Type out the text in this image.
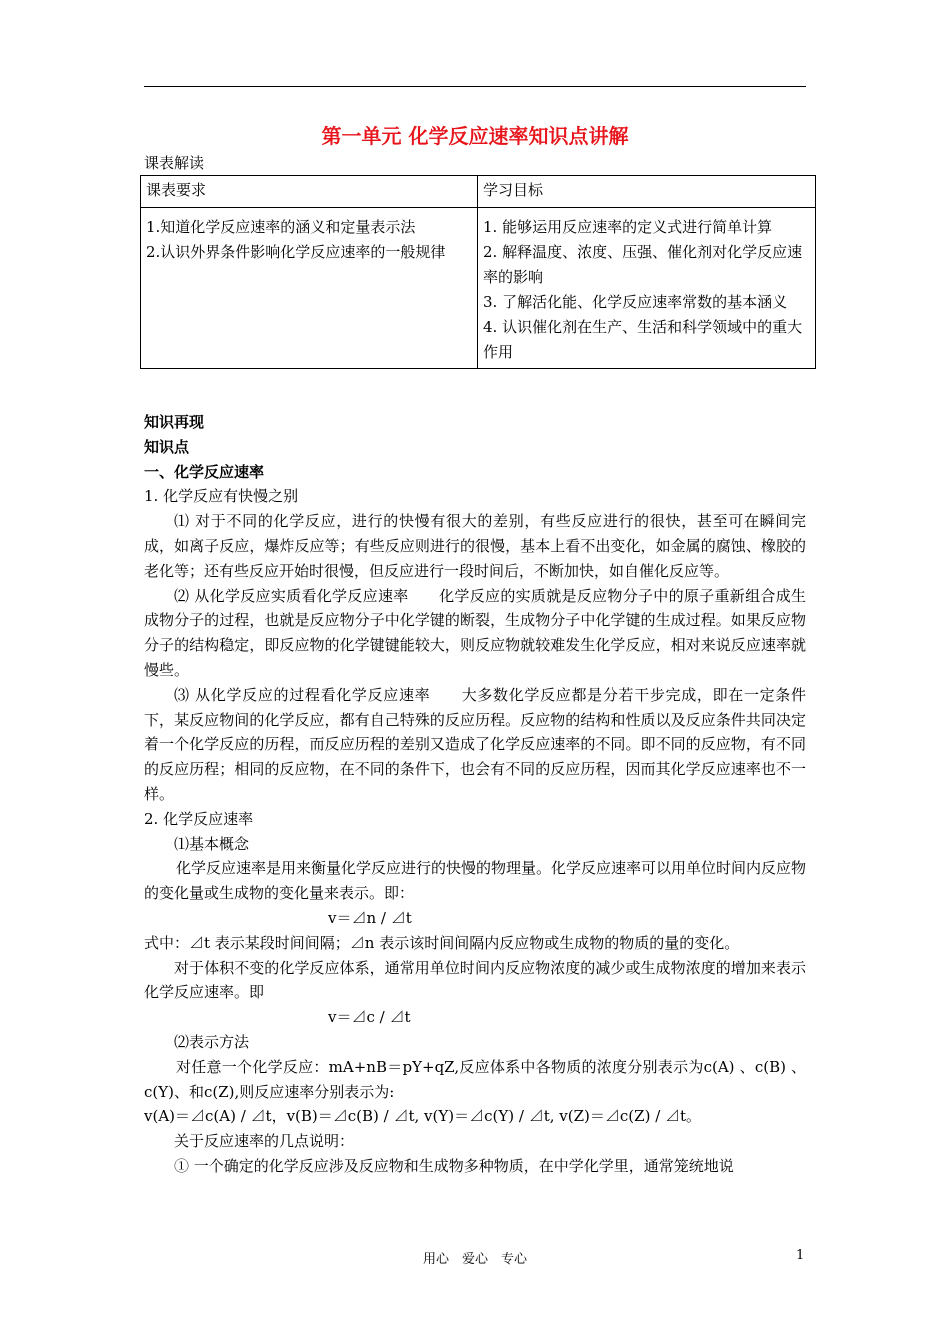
第一单元 化学反应速率知识点讲解
课表解读
课表要求	学习目标

1.知道化学反应速率的涵义和定量表示法
2.认识外界条件影响化学反应速率的一般规律	1. 能够运用反应速率的定义式进行简单计算
2. 解释温度、浓度、压强、催化剂对化学反应速率的影响
3. 了解活化能、化学反应速率常数的基本涵义
4. 认识催化剂在生产、生活和科学领域中的重大作用

知识再现

知识点

一、化学反应速率

1. 化学反应有快慢之别

⑴ 对于不同的化学反应，进行的快慢有很大的差别，有些反应进行的很快，甚至可在瞬间完成，如离子反应，爆炸反应等；有些反应则进行的很慢，基本上看不出变化，如金属的腐蚀、橡胶的老化等；还有些反应开始时很慢，但反应进行一段时间后，不断加快，如自催化反应等。

⑵ 从化学反应实质看化学反应速率　　化学反应的实质就是反应物分子中的原子重新组合成生成物分子的过程，也就是反应物分子中化学键的断裂，生成物分子中化学键的生成过程。如果反应物分子的结构稳定，即反应物的化学键键能较大，则反应物就较难发生化学反应，相对来说反应速率就慢些。

⑶ 从化学反应的过程看化学反应速率　　大多数化学反应都是分若干步完成，即在一定条件下，某反应物间的化学反应，都有自己特殊的反应历程。反应物的结构和性质以及反应条件共同决定着一个化学反应的历程，而反应历程的差别又造成了化学反应速率的不同。即不同的反应物，有不同的反应历程；相同的反应物，在不同的条件下，也会有不同的反应历程，因而其化学反应速率也不一样。

2. 化学反应速率

⑴基本概念

化学反应速率是用来衡量化学反应进行的快慢的物理量。化学反应速率可以用单位时间内反应物的变化量或生成物的变化量来表示。即：

v＝⊿n / ⊿t

式中：⊿t 表示某段时间间隔；⊿n 表示该时间间隔内反应物或生成物的物质的量的变化。

对于体积不变的化学反应体系，通常用单位时间内反应物浓度的减少或生成物浓度的增加来表示化学反应速率。即

v＝⊿c / ⊿t

⑵表示方法

对任意一个化学反应：mA+nB＝pY+qZ,反应体系中各物质的浓度分别表示为c(A) 、c(B) 、c(Y)、和c(Z),则反应速率分别表示为:

v(A)＝⊿c(A) / ⊿t，v(B)＝⊿c(B) / ⊿t, v(Y)＝⊿c(Y) / ⊿t, v(Z)＝⊿c(Z) / ⊿t。

关于反应速率的几点说明：

① 一个确定的化学反应涉及反应物和生成物多种物质，在中学化学里，通常笼统地说

用心　爱心　专心	1
